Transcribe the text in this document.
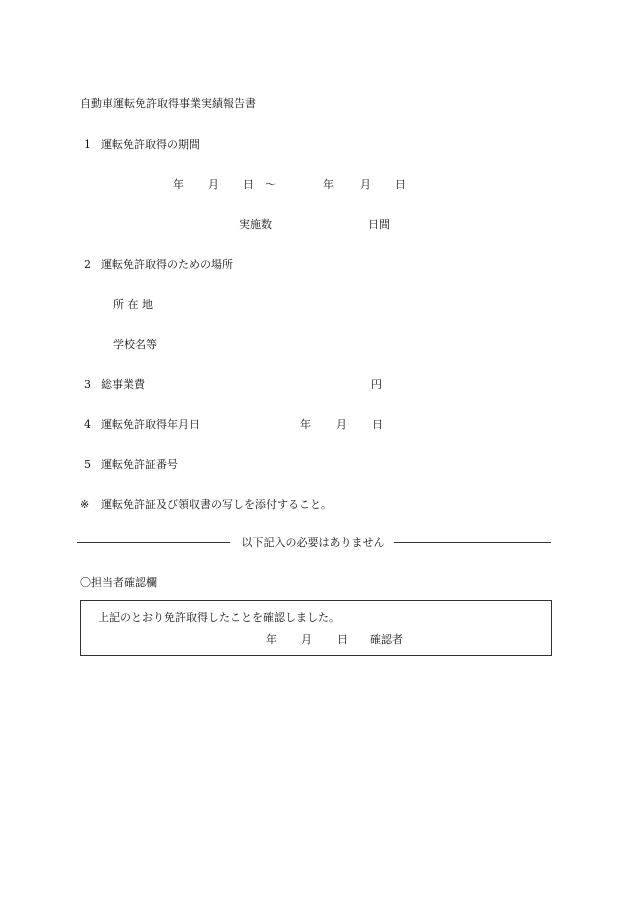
自動車運転免許取得事業実績報告書
1 運転免許取得の期間
年 月 日 ～	年 月 日
実施数	日間
2 運転免許取得のための場所
所 在 地
学校名等
3 総事業費	円
4 運転免許取得年月日	年 月 日
5 運転免許証番号
※ 運転免許証及び領収書の写しを添付すること。
以下記入の必要はありません
〇担当者確認欄
上記のとおり免許取得したことを確認しました。
年 月 日 確認者
